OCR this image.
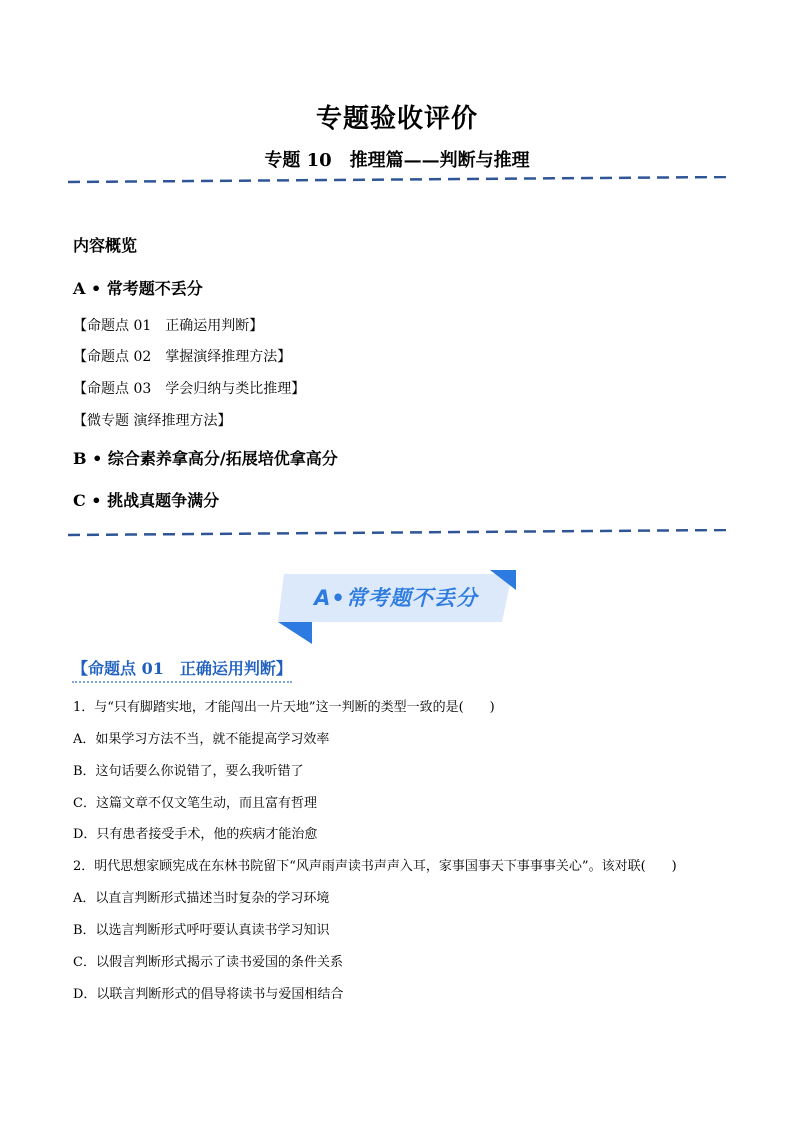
专题验收评价
专题 10　推理篇——判断与推理
内容概览
A • 常考题不丢分
【命题点 01　正确运用判断】
【命题点 02　掌握演绎推理方法】
【命题点 03　学会归纳与类比推理】
【微专题 演绎推理方法】
B • 综合素养拿高分/拓展培优拿高分
C • 挑战真题争满分
A•常考题不丢分
【命题点 01　正确运用判断】
1．与“只有脚踏实地，才能闯出一片天地”这一判断的类型一致的是(　　)
A．如果学习方法不当，就不能提高学习效率
B．这句话要么你说错了，要么我听错了
C．这篇文章不仅文笔生动，而且富有哲理
D．只有患者接受手术，他的疾病才能治愈
2．明代思想家顾宪成在东林书院留下“风声雨声读书声声入耳，家事国事天下事事事关心”。该对联(　　)
A．以直言判断形式描述当时复杂的学习环境
B．以选言判断形式呼吁要认真读书学习知识
C．以假言判断形式揭示了读书爱国的条件关系
D．以联言判断形式的倡导将读书与爱国相结合
